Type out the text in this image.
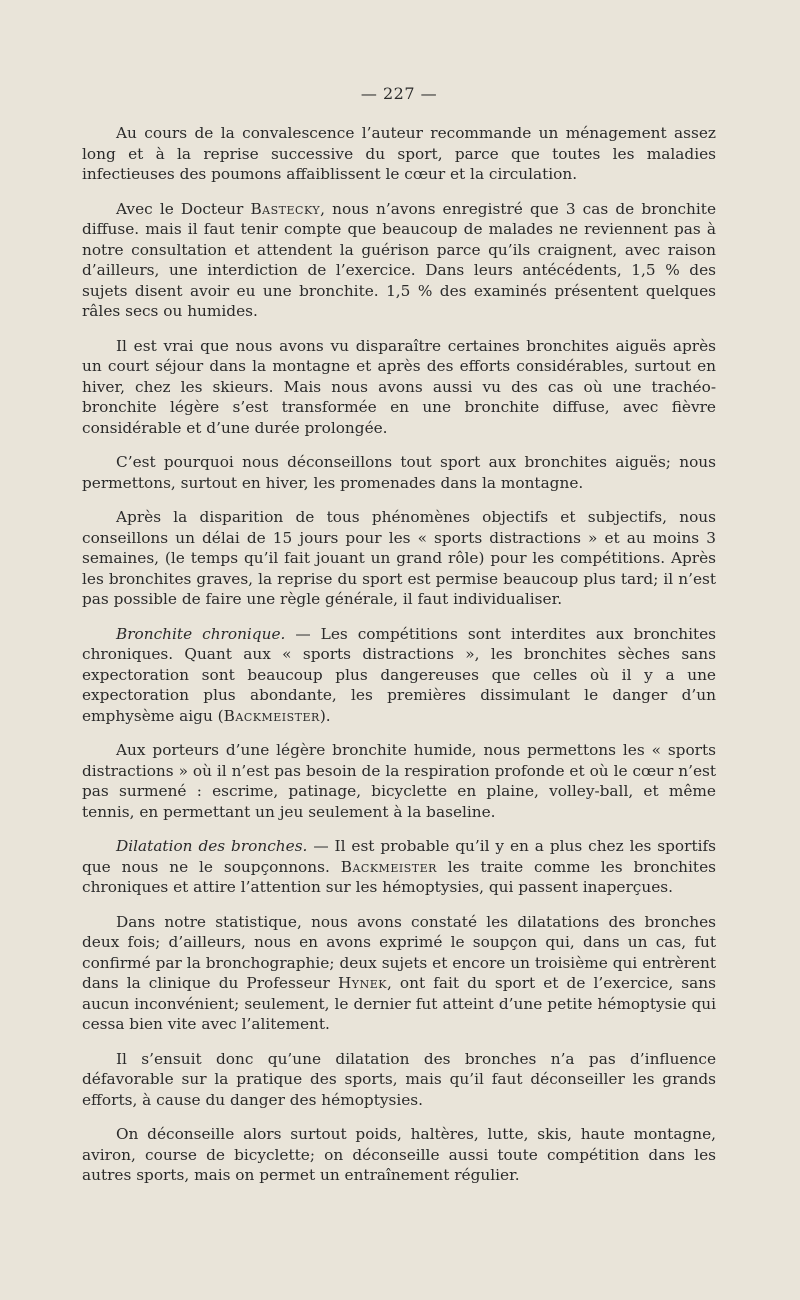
— 227 —

Au cours de la convalescence l’auteur recommande un ménagement assez long et à la reprise successive du sport, parce que toutes les maladies infectieuses des poumons affaiblissent le cœur et la circulation.

Avec le Docteur Bastecky, nous n’avons enregistré que 3 cas de bronchite diffuse. mais il faut tenir compte que beaucoup de malades ne reviennent pas à notre consultation et attendent la guérison parce qu’ils craignent, avec raison d’ailleurs, une interdiction de l’exercice. Dans leurs antécédents, 1,5 % des sujets disent avoir eu une bronchite. 1,5 % des examinés présentent quelques râles secs ou humides.

Il est vrai que nous avons vu disparaître certaines bronchites aiguës après un court séjour dans la montagne et après des efforts considérables, surtout en hiver, chez les skieurs. Mais nous avons aussi vu des cas où une trachéo-bronchite légère s’est transformée en une bronchite diffuse, avec fièvre considérable et d’une durée prolongée.

C’est pourquoi nous déconseillons tout sport aux bronchites aiguës; nous permettons, surtout en hiver, les promenades dans la montagne.

Après la disparition de tous phénomènes objectifs et subjectifs, nous conseillons un délai de 15 jours pour les « sports distractions » et au moins 3 semaines, (le temps qu’il fait jouant un grand rôle) pour les compétitions. Après les bronchites graves, la reprise du sport est permise beaucoup plus tard; il n’est pas possible de faire une règle générale, il faut individualiser.

Bronchite chronique. — Les compétitions sont interdites aux bronchites chroniques. Quant aux « sports distractions », les bronchites sèches sans expectoration sont beaucoup plus dangereuses que celles où il y a une expectoration plus abondante, les premières dissimulant le danger d’un emphysème aigu (Backmeister).

Aux porteurs d’une légère bronchite humide, nous permettons les « sports distractions » où il n’est pas besoin de la respiration profonde et où le cœur n’est pas surmené : escrime, patinage, bicyclette en plaine, volley-ball, et même tennis, en permettant un jeu seulement à la baseline.

Dilatation des bronches. — Il est probable qu’il y en a plus chez les sportifs que nous ne le soupçonnons. Backmeister les traite comme les bronchites chroniques et attire l’attention sur les hémoptysies, qui passent inaperçues.

Dans notre statistique, nous avons constaté les dilatations des bronches deux fois; d’ailleurs, nous en avons exprimé le soupçon qui, dans un cas, fut confirmé par la bronchographie; deux sujets et encore un troisième qui entrèrent dans la clinique du Professeur Hynek, ont fait du sport et de l’exercice, sans aucun inconvénient; seulement, le dernier fut atteint d’une petite hémoptysie qui cessa bien vite avec l’alitement.

Il s’ensuit donc qu’une dilatation des bronches n’a pas d’influence défavorable sur la pratique des sports, mais qu’il faut déconseiller les grands efforts, à cause du danger des hémoptysies.

On déconseille alors surtout poids, haltères, lutte, skis, haute montagne, aviron, course de bicyclette; on déconseille aussi toute compétition dans les autres sports, mais on permet un entraînement régulier.
